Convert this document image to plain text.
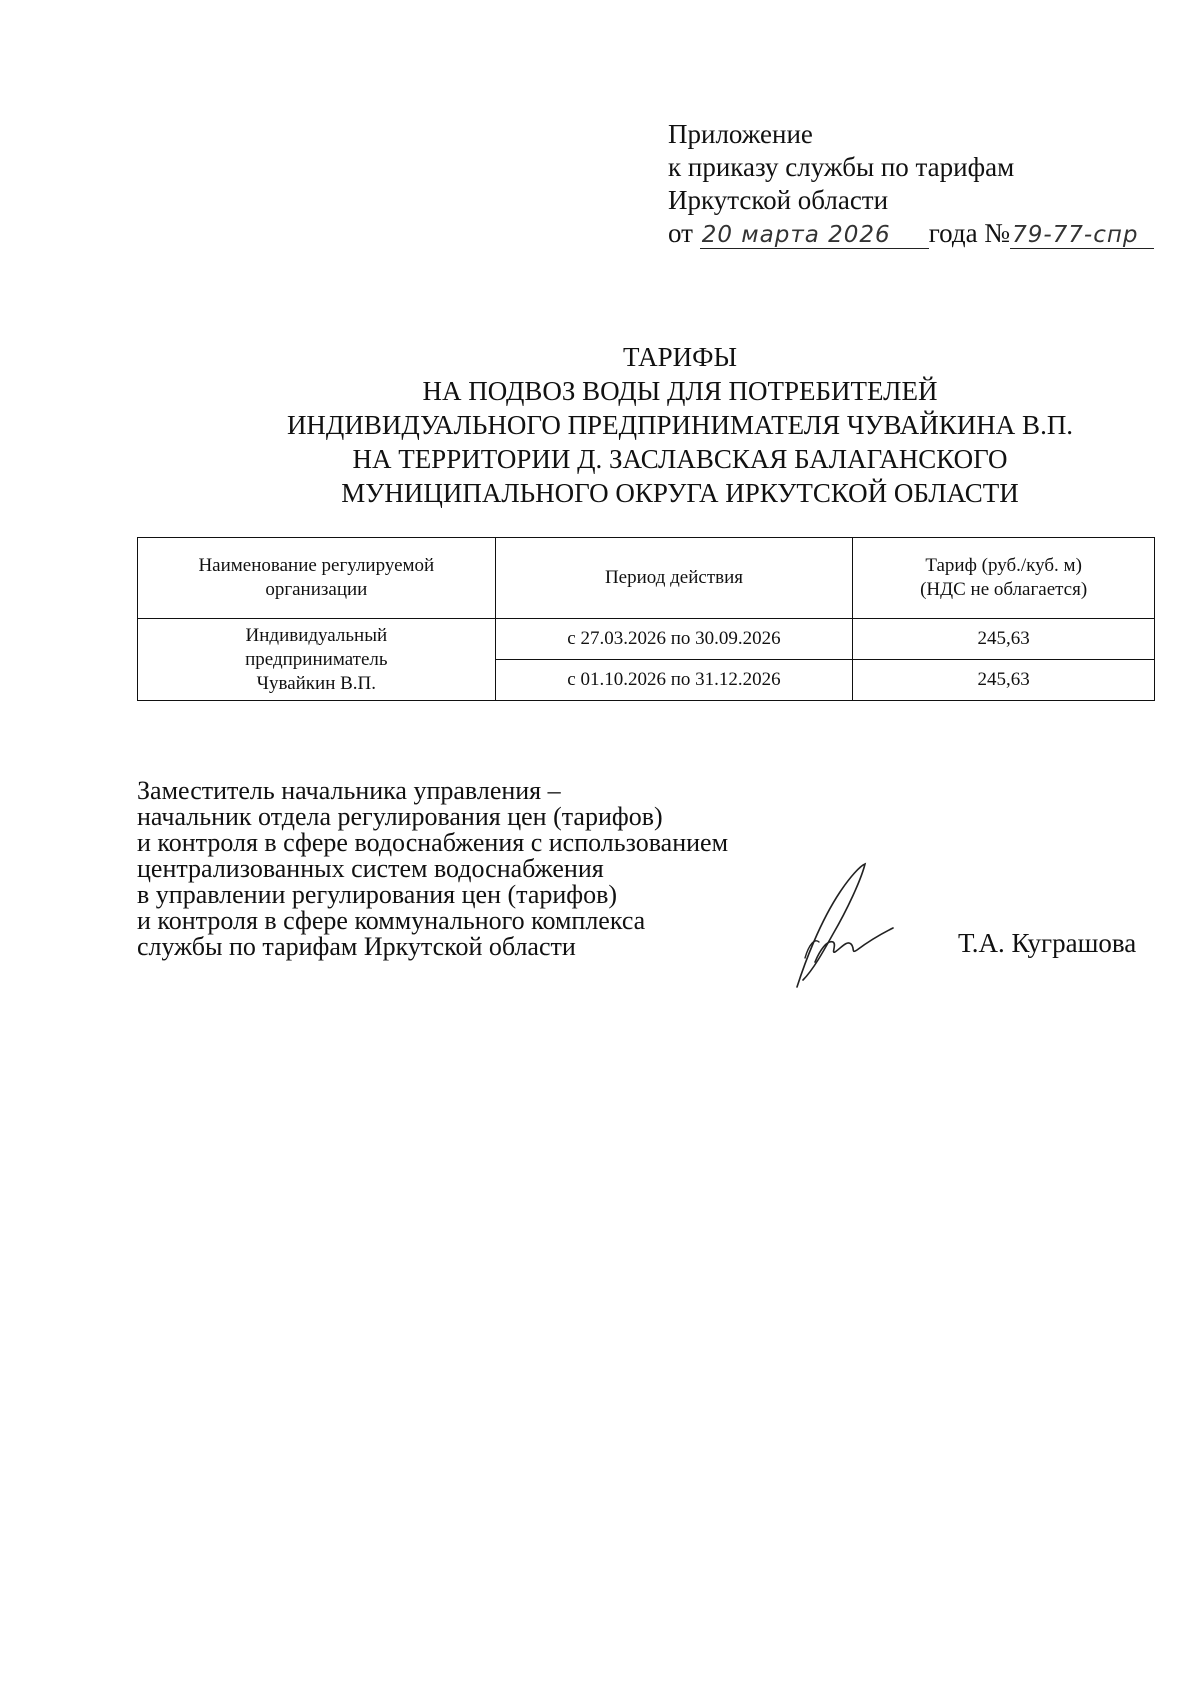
Приложение
к приказу службы по тарифам
Иркутской области
от 20 марта 2026 года №79-77-спр
ТАРИФЫ
НА ПОДВОЗ ВОДЫ ДЛЯ ПОТРЕБИТЕЛЕЙ
ИНДИВИДУАЛЬНОГО ПРЕДПРИНИМАТЕЛЯ ЧУВАЙКИНА В.П.
НА ТЕРРИТОРИИ Д. ЗАСЛАВСКАЯ БАЛАГАНСКОГО
МУНИЦИПАЛЬНОГО ОКРУГА ИРКУТСКОЙ ОБЛАСТИ
Наименование регулируемой
организации	Период действия	Тариф (руб./куб. м)
(НДС не облагается)
Индивидуальный
предприниматель
Чувайкин В.П.	с 27.03.2026 по 30.09.2026	245,63
	с 01.10.2026 по 31.12.2026	245,63
Заместитель начальника управления –
начальник отдела регулирования цен (тарифов)
и контроля в сфере водоснабжения с использованием
централизованных систем водоснабжения
в управлении регулирования цен (тарифов)
и контроля в сфере коммунального комплекса
службы по тарифам Иркутской области	Т.А. Куграшова
